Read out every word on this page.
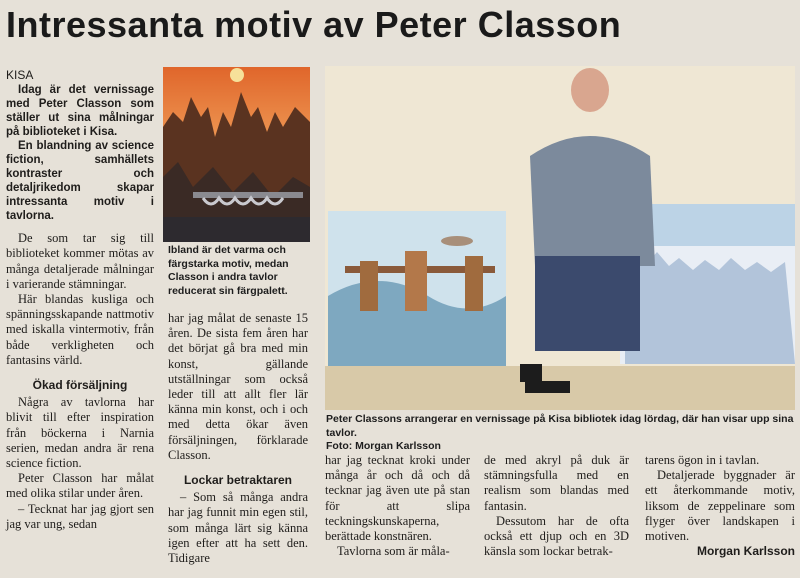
Intressanta motiv av Peter Classon

KISA

Idag är det vernissage med Peter Classon som ställer ut sina målningar på biblioteket i Kisa.

En blandning av science fiction, samhällets kontraster och detaljrikedom skapar intressanta motiv i tavlorna.

De som tar sig till biblioteket kommer mötas av många detaljerade målningar i varierande stämningar.

Här blandas kusliga och spänningsskapande nattmotiv med iskalla vintermotiv, från både verkligheten och fantasins värld.

Ökad försäljning

Några av tavlorna har blivit till efter inspiration från böckerna i Narnia serien, medan andra är rena science fiction.

Peter Classon har målat med olika stilar under åren.

– Tecknat har jag gjort sen jag var ung, sedan

Ibland är det varma och färgstarka motiv, medan Classon i andra tavlor reducerat sin färgpalett.

har jag målat de senaste 15 åren. De sista fem åren har det börjat gå bra med min konst, gällande utställningar som också leder till att allt fler lär känna min konst, och i och med detta ökar även försäljningen, förklarade Classon.

Lockar betraktaren

– Som så många andra har jag funnit min egen stil, som många lärt sig känna igen efter att ha sett den. Tidigare

Peter Classons arrangerar en vernissage på Kisa bibliotek idag lördag, där han visar upp sina tavlor.
Foto: Morgan Karlsson

har jag tecknat kroki under många år och då och då tecknar jag även ute på stan för att slipa teckningskunskaperna, berättade konstnären.

Tavlorna som är måla-

de med akryl på duk är stämningsfulla med en realism som blandas med fantasin.

Dessutom har de ofta också ett djup och en 3D känsla som lockar betrak-

tarens ögon in i tavlan.

Detaljerade byggnader är ett återkommande motiv, liksom de zeppelinare som flyger över landskapen i motiven.

Morgan Karlsson
